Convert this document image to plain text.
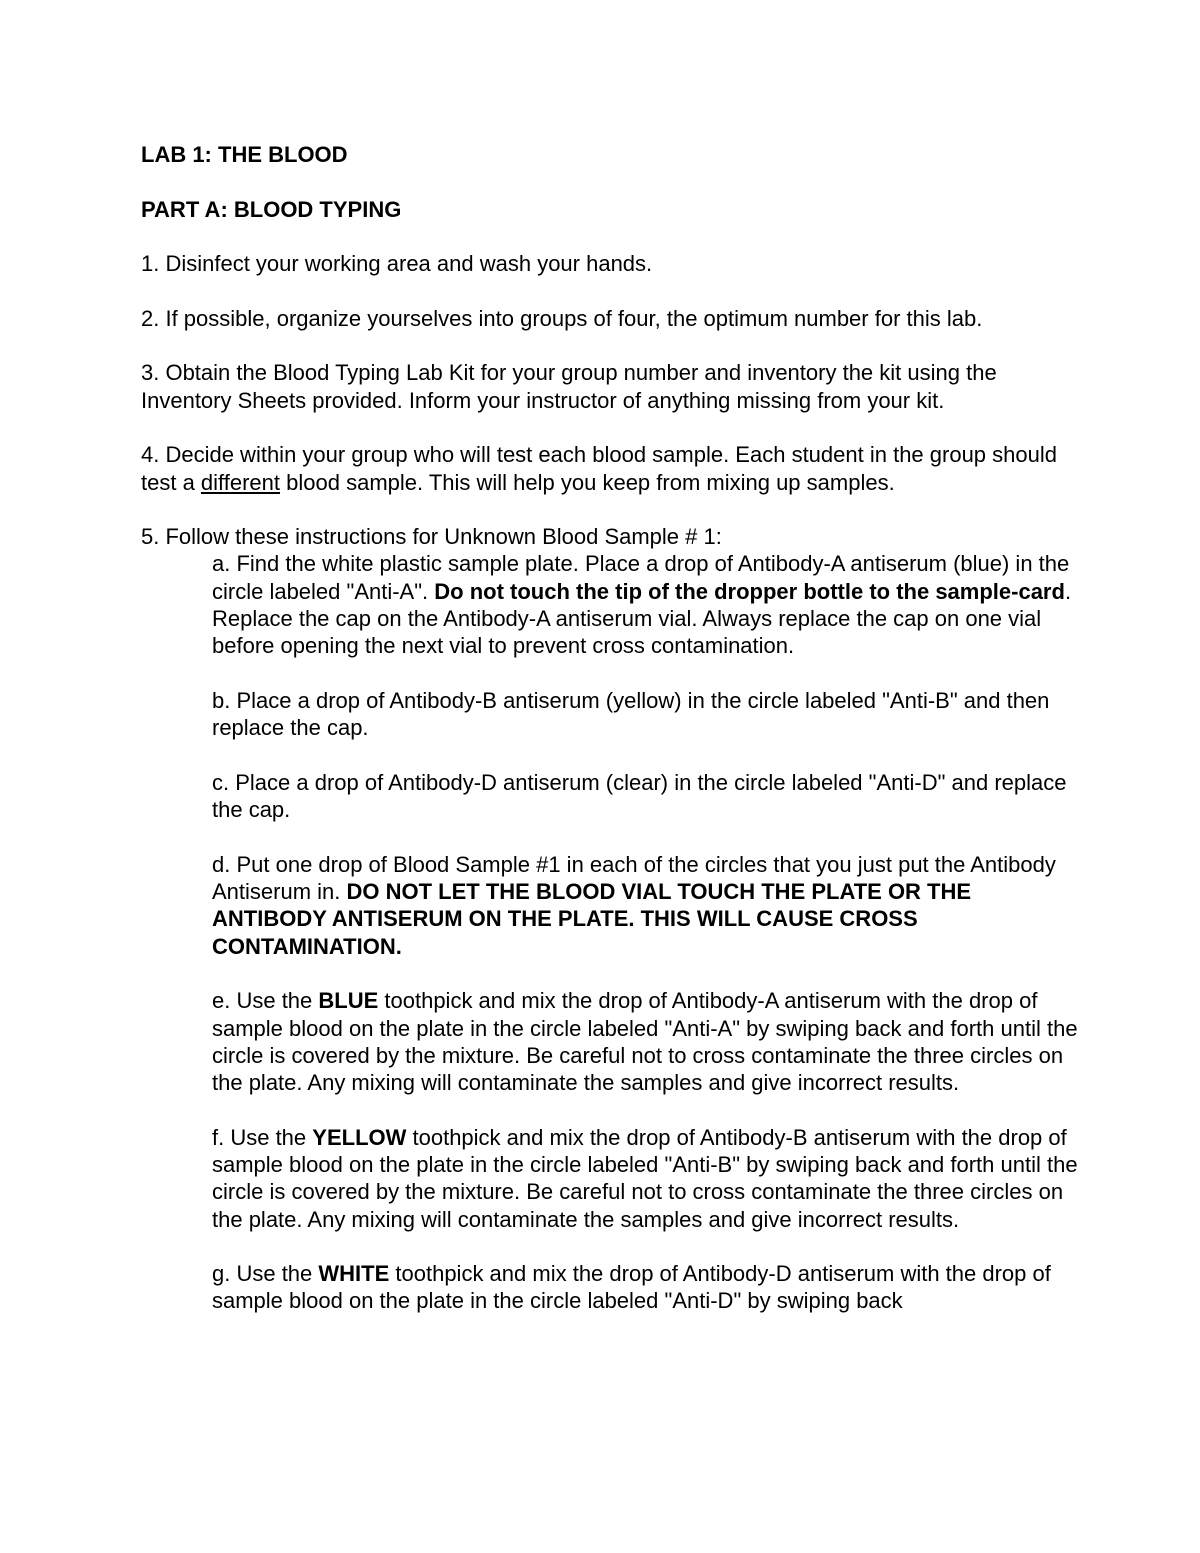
LAB 1: THE BLOOD

PART A: BLOOD TYPING

1. Disinfect your working area and wash your hands.

2. If possible, organize yourselves into groups of four, the optimum number for this lab.

3. Obtain the Blood Typing Lab Kit for your group number and inventory the kit using the Inventory Sheets provided. Inform your instructor of anything missing from your kit.

4. Decide within your group who will test each blood sample. Each student in the group should test a different blood sample. This will help you keep from mixing up samples.

5. Follow these instructions for Unknown Blood Sample # 1:

a. Find the white plastic sample plate. Place a drop of Antibody-A antiserum (blue) in the circle labeled "Anti-A". Do not touch the tip of the dropper bottle to the sample-card. Replace the cap on the Antibody-A antiserum vial. Always replace the cap on one vial before opening the next vial to prevent cross contamination.

b. Place a drop of Antibody-B antiserum (yellow) in the circle labeled "Anti-B" and then replace the cap.

c. Place a drop of Antibody-D antiserum (clear) in the circle labeled "Anti-D" and replace the cap.

d. Put one drop of Blood Sample #1 in each of the circles that you just put the Antibody Antiserum in. DO NOT LET THE BLOOD VIAL TOUCH THE PLATE OR THE ANTIBODY ANTISERUM ON THE PLATE. THIS WILL CAUSE CROSS CONTAMINATION.

e. Use the BLUE toothpick and mix the drop of Antibody-A antiserum with the drop of sample blood on the plate in the circle labeled "Anti-A" by swiping back and forth until the circle is covered by the mixture. Be careful not to cross contaminate the three circles on the plate. Any mixing will contaminate the samples and give incorrect results.

f. Use the YELLOW toothpick and mix the drop of Antibody-B antiserum with the drop of sample blood on the plate in the circle labeled "Anti-B" by swiping back and forth until the circle is covered by the mixture. Be careful not to cross contaminate the three circles on the plate. Any mixing will contaminate the samples and give incorrect results.

g. Use the WHITE toothpick and mix the drop of Antibody-D antiserum with the drop of sample blood on the plate in the circle labeled "Anti-D" by swiping back
